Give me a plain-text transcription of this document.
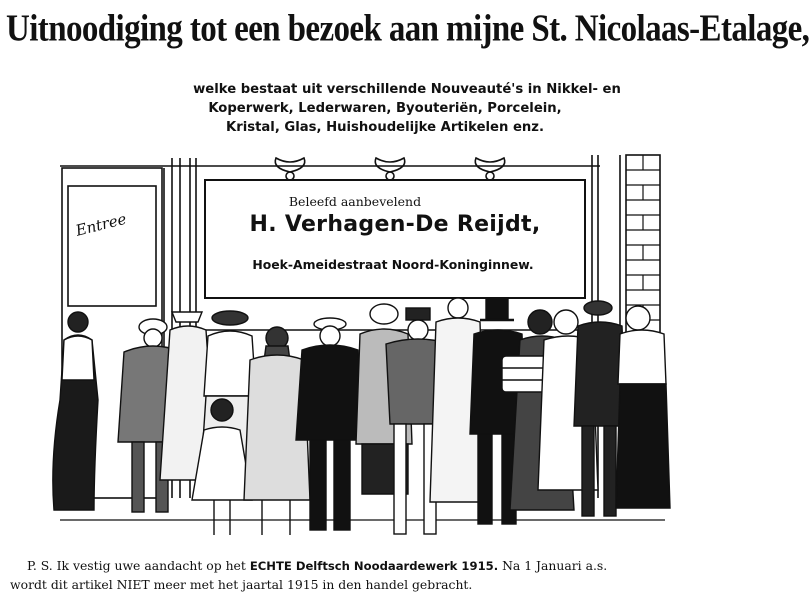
Uitnoodiging tot een bezoek aan mijne St. Nicolaas-Etalage,
welke bestaat uit verschillende Nouveauté's in Nikkel- en
Koperwerk, Lederwaren, Byouteriën, Porcelein,
Kristal, Glas, Huishoudelijke Artikelen enz.
Beleefd aanbevelend
H. Verhagen-De Reijdt,
Hoek-Ameidestraat Noord-Koninginnew.
Entree
P. S. Ik vestig uwe aandacht op het ECHTE Delftsch Noodaardewerk 1915. Na 1 Januari a.s.
wordt dit artikel NIET meer met het jaartal 1915 in den handel gebracht.
